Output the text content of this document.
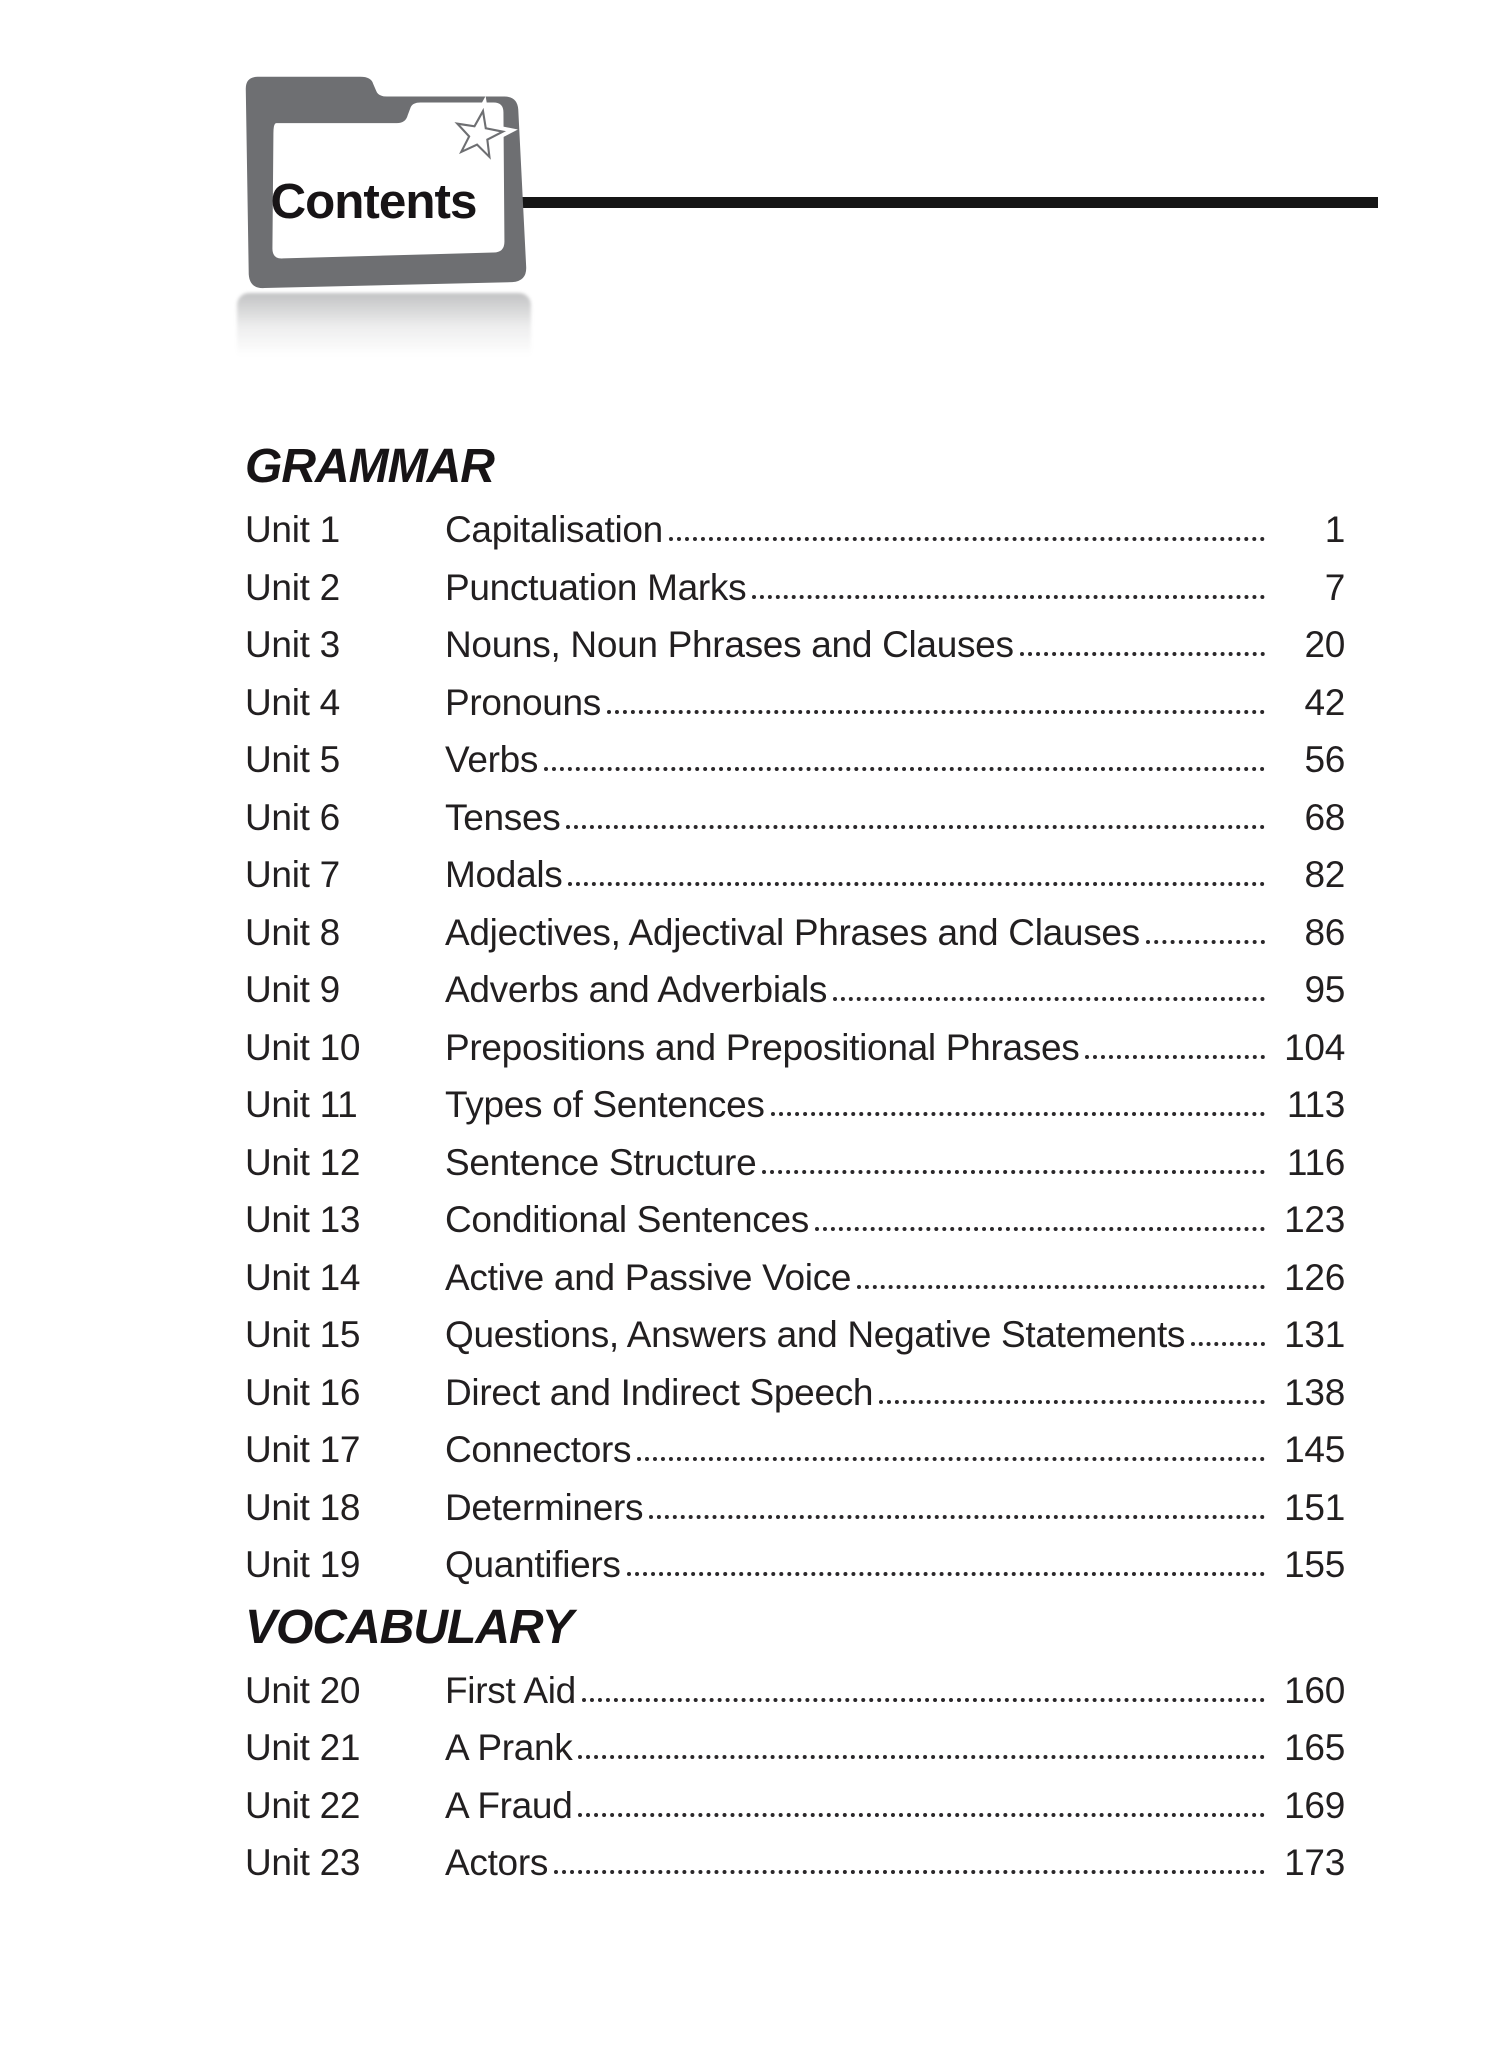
Contents
GRAMMAR
Unit 1	Capitalisation	1
Unit 2	Punctuation Marks	7
Unit 3	Nouns, Noun Phrases and Clauses	20
Unit 4	Pronouns	42
Unit 5	Verbs	56
Unit 6	Tenses	68
Unit 7	Modals	82
Unit 8	Adjectives, Adjectival Phrases and Clauses	86
Unit 9	Adverbs and Adverbials	95
Unit 10	Prepositions and Prepositional Phrases	104
Unit 11	Types of Sentences	113
Unit 12	Sentence Structure	116
Unit 13	Conditional Sentences	123
Unit 14	Active and Passive Voice	126
Unit 15	Questions, Answers and Negative Statements	131
Unit 16	Direct and Indirect Speech	138
Unit 17	Connectors	145
Unit 18	Determiners	151
Unit 19	Quantifiers	155
VOCABULARY
Unit 20	First Aid	160
Unit 21	A Prank	165
Unit 22	A Fraud	169
Unit 23	Actors	173
